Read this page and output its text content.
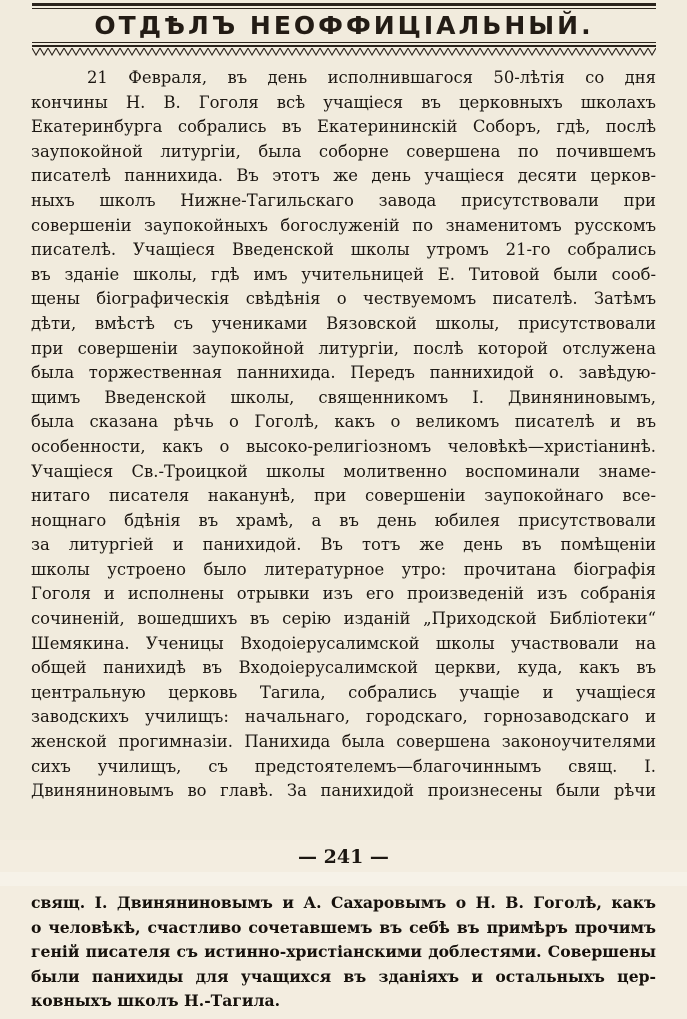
ОТДѢЛЪ НЕОФФИЦІАЛЬНЫЙ.
21 Февраля, въ день исполнившагося 50-лѣтія со дня
кончины Н. В. Гоголя всѣ учащіеся въ церковныхъ школахъ
Екатеринбурга собрались въ Екатерининскій Соборъ, гдѣ, послѣ
заупокойной литургіи, была соборне совершена по почившемъ
писателѣ паннихида. Въ этотъ же день учащіеся десяти церков-
ныхъ школъ Нижне-Тагильскаго завода присутствовали при
совершеніи заупокойныхъ богослуженій по знаменитомъ русскомъ
писателѣ. Учащіеся Введенской школы утромъ 21-го собрались
въ зданіе школы, гдѣ имъ учительницей Е. Титовой были сооб-
щены біографическія свѣдѣнія о чествуемомъ писателѣ. Затѣмъ
дѣти, вмѣстѣ съ учениками Вязовской школы, присутствовали
при совершеніи заупокойной литургіи, послѣ которой отслужена
была торжественная паннихида. Передъ паннихидой о. завѣдую-
щимъ Введенской школы, священникомъ І. Двиняниновымъ,
была сказана рѣчь о Гоголѣ, какъ о великомъ писателѣ и въ
особенности, какъ о высоко-религіозномъ человѣкѣ—христіанинѣ.
Учащіеся Св.-Троицкой школы молитвенно воспоминали знаме-
нитаго писателя наканунѣ, при совершеніи заупокойнаго все-
нощнаго бдѣнія въ храмѣ, а въ день юбилея присутствовали
за литургіей и панихидой. Въ тотъ же день въ помѣщеніи
школы устроено было литературное утро: прочитана біографія
Гоголя и исполнены отрывки изъ его произведеній изъ собранія
сочиненій, вошедшихъ въ серію изданій „Приходской Библіотеки“
Шемякина. Ученицы Входоіерусалимской школы участвовали на
общей панихидѣ въ Входоіерусалимской церкви, куда, какъ въ
центральную церковь Тагила, собрались учащіе и учащіеся
заводскихъ училищъ: начальнаго, городскаго, горнозаводскаго и
женской прогимназіи. Панихида была совершена законоучителями
сихъ училищъ, съ предстоятелемъ—благочиннымъ свящ. І.
Двиняниновымъ во главѣ. За панихидой произнесены были рѣчи
— 241 —
свящ. І. Двиняниновымъ и А. Сахаровымъ о Н. В. Гоголѣ, какъ
о человѣкѣ, счастливо сочетавшемъ въ себѣ въ примѣръ прочимъ
геній писателя съ истинно-христіанскими доблестями. Совершены
были панихиды для учащихся въ зданіяхъ и остальныхъ цер-
ковныхъ школъ Н.-Тагила.
